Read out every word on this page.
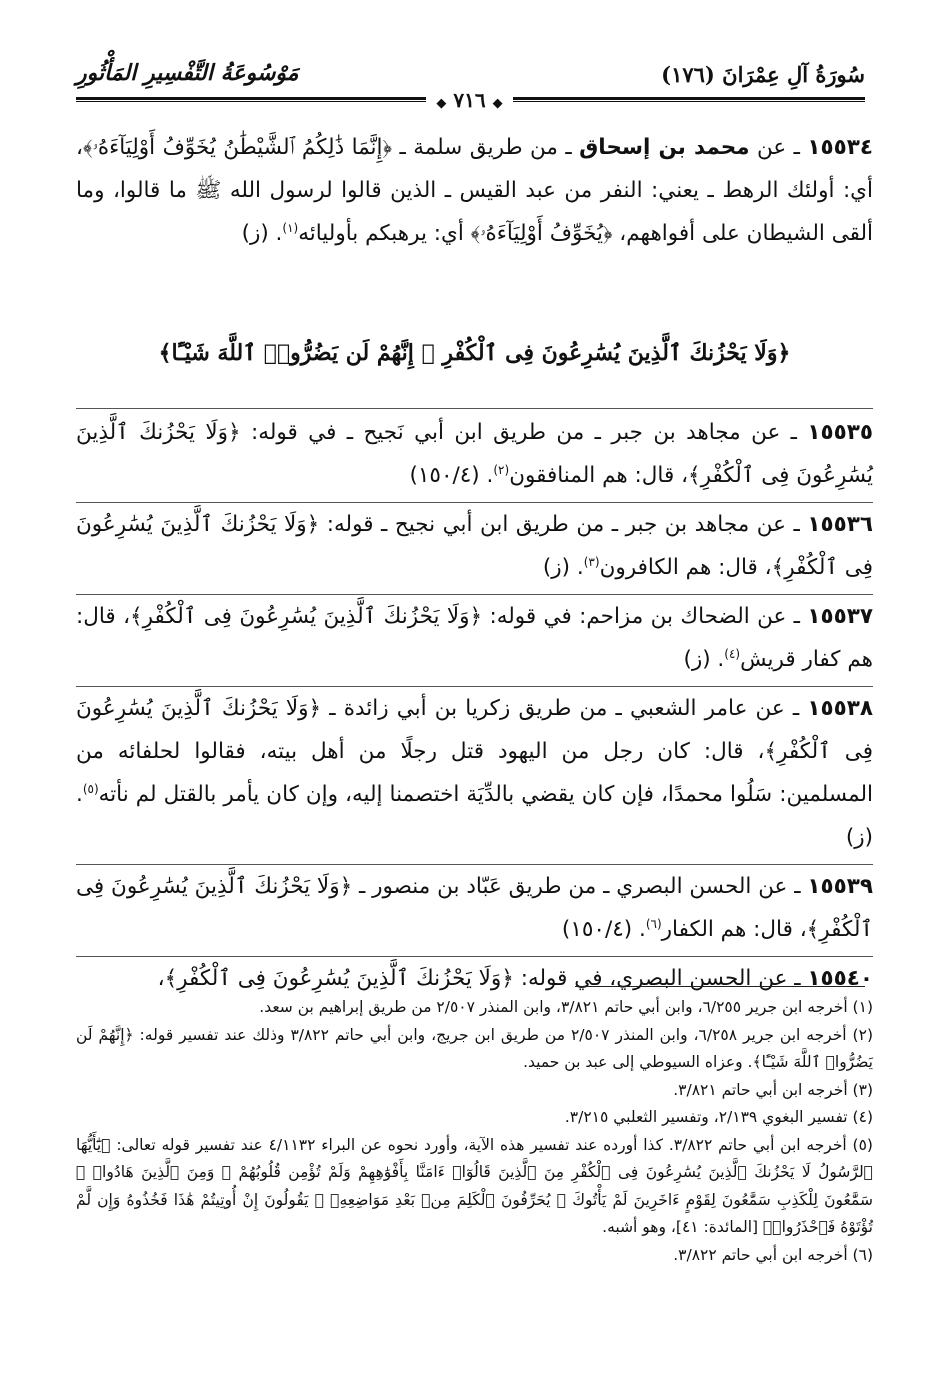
سُورَةُ آلِ عِمْرَانَ (١٧٦)
مَوْسُوعَةُ التَّفْسِيرِ المَأْثُورِ
◆ ٧١٦ ◆

١٥٥٣٤ ـ عن محمد بن إسحاق ـ من طريق سلمة ـ ﴿إِنَّمَا ذَٰلِكُمُ ٱلشَّيْطَٰنُ يُخَوِّفُ أَوْلِيَآءَهُۥ﴾، أي: أولئك الرهط ـ يعني: النفر من عبد القيس ـ الذين قالوا لرسول الله ﷺ ما قالوا، وما ألقى الشيطان على أفواههم، ﴿يُخَوِّفُ أَوْلِيَآءَهُۥ﴾ أي: يرهبكم بأوليائه$^{(١)}$. (ز)

﴿وَلَا يَحْزُنكَ ٱلَّذِينَ يُسَٰرِعُونَ فِى ٱلْكُفْرِ ۚ إِنَّهُمْ لَن يَضُرُّوا۟ ٱللَّهَ شَيْـًٔا﴾

١٥٥٣٥ ـ عن مجاهد بن جبر ـ من طريق ابن أبي نَجيح ـ في قوله: ﴿وَلَا يَحْزُنكَ ٱلَّذِينَ يُسَٰرِعُونَ فِى ٱلْكُفْرِ﴾، قال: هم المنافقون$^{(٢)}$. (١٥٠/٤)

١٥٥٣٦ ـ عن مجاهد بن جبر ـ من طريق ابن أبي نجيح ـ قوله: ﴿وَلَا يَحْزُنكَ ٱلَّذِينَ يُسَٰرِعُونَ فِى ٱلْكُفْرِ﴾، قال: هم الكافرون$^{(٣)}$. (ز)

١٥٥٣٧ ـ عن الضحاك بن مزاحم: في قوله: ﴿وَلَا يَحْزُنكَ ٱلَّذِينَ يُسَٰرِعُونَ فِى ٱلْكُفْرِ﴾، قال: هم كفار قريش$^{(٤)}$. (ز)

١٥٥٣٨ ـ عن عامر الشعبي ـ من طريق زكريا بن أبي زائدة ـ ﴿وَلَا يَحْزُنكَ ٱلَّذِينَ يُسَٰرِعُونَ فِى ٱلْكُفْرِ﴾، قال: كان رجل من اليهود قتل رجلًا من أهل بيته، فقالوا لحلفائه من المسلمين: سَلُوا محمدًا، فإن كان يقضي بالدِّيَة اختصمنا إليه، وإن كان يأمر بالقتل لم نأته$^{(٥)}$. (ز)

١٥٥٣٩ ـ عن الحسن البصري ـ من طريق عَبّاد بن منصور ـ ﴿وَلَا يَحْزُنكَ ٱلَّذِينَ يُسَٰرِعُونَ فِى ٱلْكُفْرِ﴾، قال: هم الكفار$^{(٦)}$. (١٥٠/٤)

١٥٥٤٠ ـ عن الحسن البصري، في قوله: ﴿وَلَا يَحْزُنكَ ٱلَّذِينَ يُسَٰرِعُونَ فِى ٱلْكُفْرِ﴾،

(١) أخرجه ابن جرير ٦/٢٥٥، وابن أبي حاتم ٣/٨٢١، وابن المنذر ٢/٥٠٧ من طريق إبراهيم بن سعد.

(٢) أخرجه ابن جرير ٦/٢٥٨، وابن المنذر ٢/٥٠٧ من طريق ابن جريج، وابن أبي حاتم ٣/٨٢٢ وذلك عند تفسير قوله: ﴿إِنَّهُمْ لَن يَضُرُّوا۟ ٱللَّهَ شَيْـًٔا﴾. وعزاه السيوطي إلى عبد بن حميد.

(٣) أخرجه ابن أبي حاتم ٣/٨٢١.

(٤) تفسير البغوي ٢/١٣٩، وتفسير الثعلبي ٣/٢١٥.

(٥) أخرجه ابن أبي حاتم ٣/٨٢٢. كذا أورده عند تفسير هذه الآية، وأورد نحوه عن البراء ٤/١١٣٢ عند تفسير قوله تعالى: ﴿يَٰٓأَيُّهَا ٱلرَّسُولُ لَا يَحْزُنكَ ٱلَّذِينَ يُسَٰرِعُونَ فِى ٱلْكُفْرِ مِنَ ٱلَّذِينَ قَالُوٓا۟ ءَامَنَّا بِأَفْوَٰهِهِمْ وَلَمْ تُؤْمِن قُلُوبُهُمْ ۛ وَمِنَ ٱلَّذِينَ هَادُوا۟ ۛ سَمَّٰعُونَ لِلْكَذِبِ سَمَّٰعُونَ لِقَوْمٍ ءَاخَرِينَ لَمْ يَأْتُوكَ ۖ يُحَرِّفُونَ ٱلْكَلِمَ مِنۢ بَعْدِ مَوَاضِعِهِۦ ۖ يَقُولُونَ إِنْ أُوتِيتُمْ هَٰذَا فَخُذُوهُ وَإِن لَّمْ تُؤْتَوْهُ فَٱحْذَرُوا۟﴾ [المائدة: ٤١]، وهو أشبه.

(٦) أخرجه ابن أبي حاتم ٣/٨٢٢.
